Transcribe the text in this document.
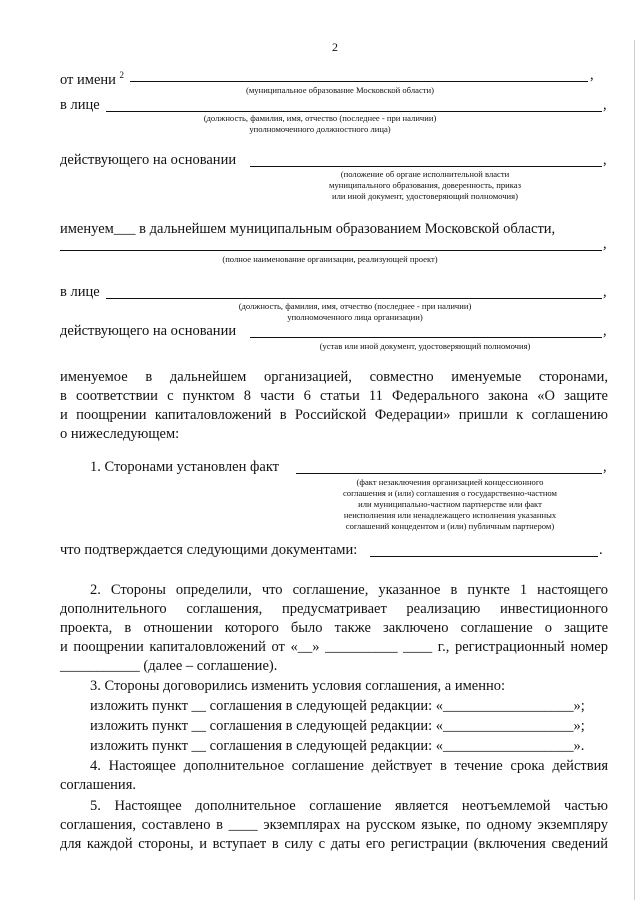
2
от имени $^2$	,
(муниципальное образование Московской области)
в лице	,
(должность, фамилия, имя, отчество (последнее - при наличии)
уполномоченного должностного лица)
действующего на основании	,
(положение об органе исполнительной власти
муниципального образования, доверенность, приказ
или иной документ, удостоверяющий полномочия)
именуем___ в дальнейшем муниципальным образованием Московской области,
,
(полное наименование организации, реализующей проект)
в лице	,
(должность, фамилия, имя, отчество (последнее - при наличии)
уполномоченного лица организации)
действующего на основании	,
(устав или иной документ, удостоверяющий полномочия)
именуемое в дальнейшем организацией, совместно именуемые сторонами,
в соответствии с пунктом 8 части 6 статьи 11 Федерального закона «О защите
и поощрении капиталовложений в Российской Федерации» пришли к соглашению
о нижеследующем:
1. Сторонами установлен факт	,
(факт незаключения организацией концессионного
соглашения и (или) соглашения о государственно-частном
или муниципально-частном партнерстве или факт
неисполнения или ненадлежащего исполнения указанных
соглашений концедентом и (или) публичным партнером)
что подтверждается следующими документами:	.
2. Стороны определили, что соглашение, указанное в пункте 1 настоящего
дополнительного соглашения, предусматривает реализацию инвестиционного
проекта, в отношении которого было также заключено соглашение о защите
и поощрении капиталовложений от «__» __________ ____ г., регистрационный номер
___________ (далее – соглашение).
3. Стороны договорились изменить условия соглашения, а именно:
изложить пункт __ соглашения в следующей редакции: «__________________»;
изложить пункт __ соглашения в следующей редакции: «__________________»;
изложить пункт __ соглашения в следующей редакции: «__________________».
4. Настоящее дополнительное соглашение действует в течение срока действия
соглашения.
5. Настоящее дополнительное соглашение является неотъемлемой частью
соглашения, составлено в ____ экземплярах на русском языке, по одному экземпляру
для каждой стороны, и вступает в силу с даты его регистрации (включения сведений
